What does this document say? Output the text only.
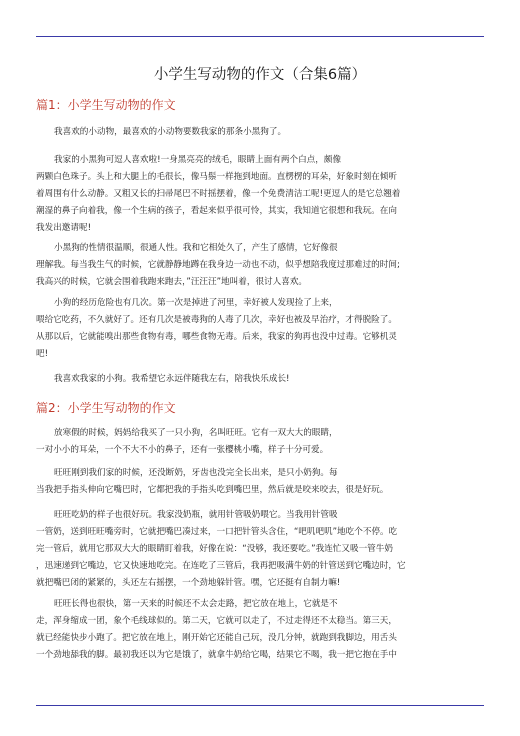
小学生写动物的作文（合集6篇）
篇1：小学生写动物的作文
我喜欢的小动物，最喜欢的小动物要数我家的那条小黑狗了。
我家的小黑狗可逗人喜欢啦!一身黑亮亮的绒毛，眼睛上面有两个白点，颇像
两颗白色珠子。头上和大腿上的毛很长，像马鬃一样拖到地面。直楞楞的耳朵，好象时刻在倾听
着周围有什么动静。又粗又长的扫帚尾巴不时摇摆着，像一个免费清洁工呢!更逗人的是它总翘着
潮湿的鼻子向着我，像一个生病的孩子，看起来似乎很可怜，其实，我知道它很想和我玩。在向
我发出邀请呢!
小黑狗的性情很温顺，很通人性。我和它相处久了，产生了感情，它好像很
理解我。每当我生气的时候，它就静静地蹲在我身边一动也不动，似乎想陪我度过那难过的时间;
我高兴的时候，它就会围着我跑来跑去，”汪汪汪”地叫着，很讨人喜欢。
小狗的经历危险也有几次。第一次是掉进了河里，幸好被人发现捡了上来，
喂给它吃药，不久就好了。还有几次是被毒狗的人毒了几次，幸好也被及早治疗，才得脱险了。
从那以后，它就能嗅出那些食物有毒，哪些食物无毒。后来，我家的狗再也没中过毒。它够机灵
吧!
我喜欢我家的小狗。我希望它永远伴随我左右，陪我快乐成长!
篇2：小学生写动物的作文
放寒假的时候，妈妈给我买了一只小狗，名叫旺旺。它有一双大大的眼睛，
一对小小的耳朵，一个不大不小的鼻子，还有一张樱桃小嘴，样子十分可爱。
旺旺刚到我们家的时候，还没断奶，牙齿也没完全长出来，是只小奶狗。每
当我把手指头伸向它嘴巴时，它都把我的手指头吃到嘴巴里，然后就是咬来咬去，很是好玩。
旺旺吃奶的样子也很好玩。我家没奶瓶，就用针管吸奶喂它。当我用针管吸
一管奶，送到旺旺嘴旁时，它就把嘴巴凑过来，一口把针管头含住，“吧叽吧叽”地吃个不停。吃
完一管后，就用它那双大大的眼睛盯着我，好像在说：“没够，我还要吃。”我连忙又吸一管牛奶
，迅速递到它嘴边，它又快速地吃完。在连吃了三管后，我再把吸满牛奶的针管送到它嘴边时，它
就把嘴巴闭的紧紧的，头还左右摇摆，一个劲地躲针管。嘿，它还挺有自制力嘛!
旺旺长得也很快，第一天来的时候还不太会走路，把它放在地上，它就是不
走，浑身缩成一团，象个毛线球似的。第二天，它就可以走了，不过走得还不太稳当。第三天，
就已经能快步小跑了。把它放在地上，刚开始它还能自己玩，没几分钟，就跑到我脚边，用舌头
一个劲地舔我的脚。最初我还以为它是饿了，就拿牛奶给它喝，结果它不喝，我一把它抱在手中
